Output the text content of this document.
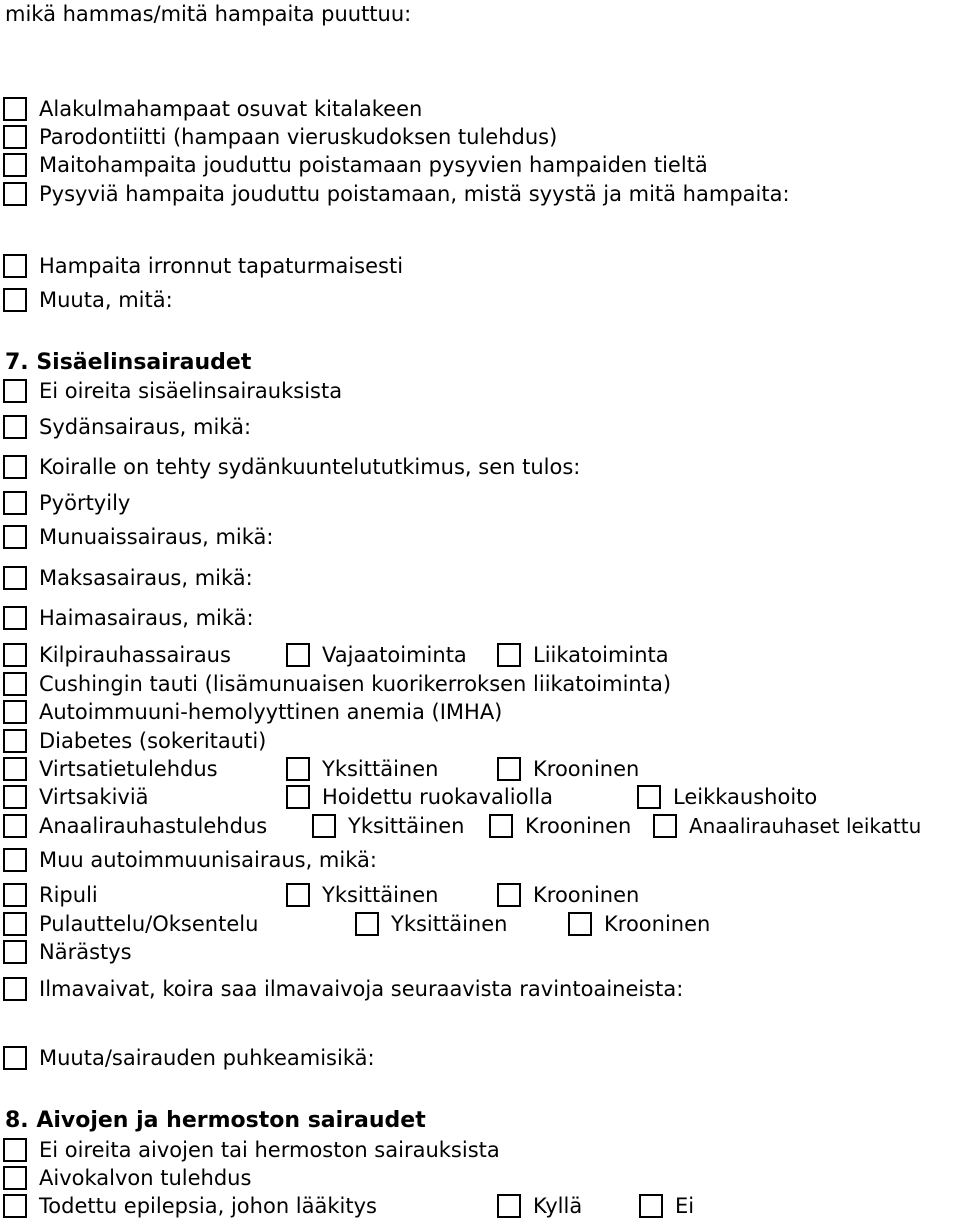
mikä hammas/mitä hampaita puuttuu:
Alakulmahampaat osuvat kitalakeen
Parodontiitti (hampaan vieruskudoksen tulehdus)
Maitohampaita jouduttu poistamaan pysyvien hampaiden tieltä
Pysyviä hampaita jouduttu poistamaan, mistä syystä ja mitä hampaita:
Hampaita irronnut tapaturmaisesti
Muuta, mitä:
7. Sisäelinsairaudet
Ei oireita sisäelinsairauksista
Sydänsairaus, mikä:
Koiralle on tehty sydänkuuntelututkimus, sen tulos:
Pyörtyily
Munuaissairaus, mikä:
Maksasairaus, mikä:
Haimasairaus, mikä:
Kilpirauhassairaus	Vajaatoiminta	Liikatoiminta
Cushingin tauti (lisämunuaisen kuorikerroksen liikatoiminta)
Autoimmuuni-hemolyyttinen anemia (IMHA)
Diabetes (sokeritauti)
Virtsatietulehdus	Yksittäinen	Krooninen
Virtsakiviä	Hoidettu ruokavaliolla	Leikkaushoito
Anaalirauhastulehdus	Yksittäinen	Krooninen	Anaalirauhaset leikattu
Muu autoimmuunisairaus, mikä:
Ripuli	Yksittäinen	Krooninen
Pulauttelu/Oksentelu	Yksittäinen	Krooninen
Närästys
Ilmavaivat, koira saa ilmavaivoja seuraavista ravintoaineista:
Muuta/sairauden puhkeamisikä:
8. Aivojen ja hermoston sairaudet
Ei oireita aivojen tai hermoston sairauksista
Aivokalvon tulehdus
Todettu epilepsia, johon lääkitys	Kyllä	Ei
